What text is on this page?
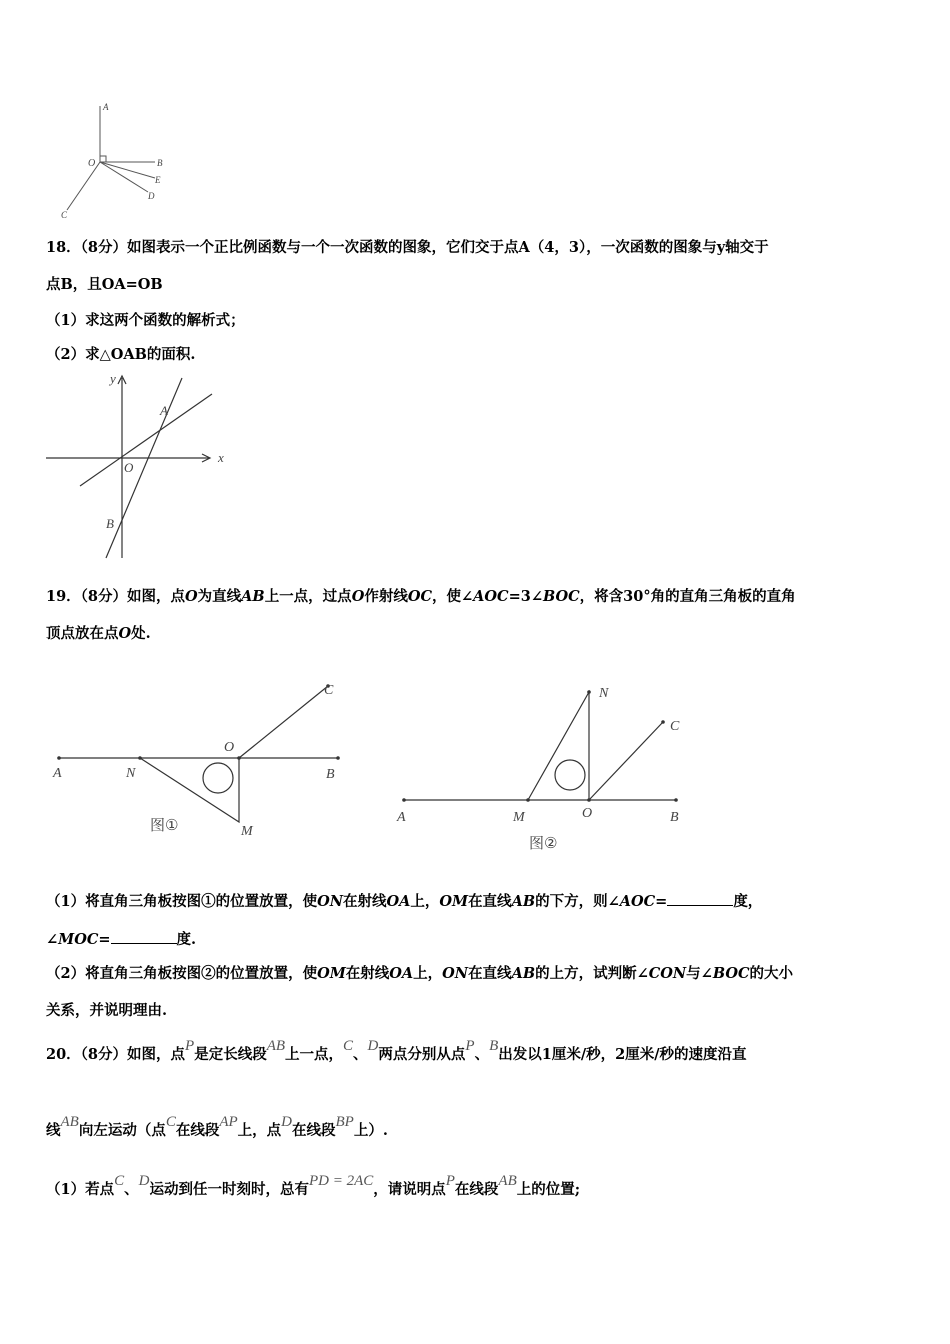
A
O	B
E
D
C
18．（8分）如图表示一个正比例函数与一个一次函数的图象，它们交于点A（4，3），一次函数的图象与y轴交于
点B，且OA=OB
（1）求这两个函数的解析式；
（2）求△OAB的面积.
y
x
A
O
B
19．（8分）如图，点O为直线AB上一点，过点O作射线OC，使∠AOC=3∠BOC，将含30°角的直角三角板的直角
顶点放在点O处.
A	N
O
B
C
M
图①
N
C
A	M	O	B
图②
（1）将直角三角板按图①的位置放置，使ON在射线OA上，OM在直线AB的下方，则∠AOC=	度，
∠MOC=	度.
（2）将直角三角板按图②的位置放置，使OM在射线OA上，ON在直线AB的上方，试判断∠CON与∠BOC的大小
关系，并说明理由.
20．（8分）如图，点P是定长线段AB上一点，C、D两点分别从点P、B出发以1厘米/秒，2厘米/秒的速度沿直
线AB向左运动（点C在线段AP上，点D在线段BP上）.
（1）若点C、D运动到任一时刻时，总有PD = 2AC，请说明点P在线段AB上的位置;
